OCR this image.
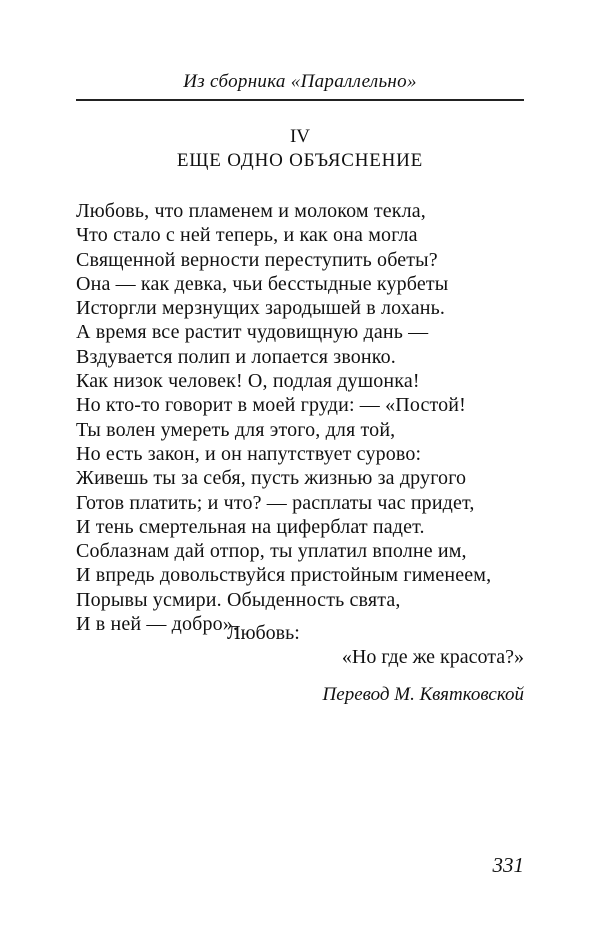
Из сборника «Параллельно»
IV
ЕЩЕ ОДНО ОБЪЯСНЕНИЕ
Любовь, что пламенем и молоком текла,
Что стало с ней теперь, и как она могла
Священной верности переступить обеты?
Она — как девка, чьи бесстыдные курбеты
Исторгли мерзнущих зародышей в лохань.
А время все растит чудовищную дань —
Вздувается полип и лопается звонко.
Как низок человек! О, подлая душонка!
Но кто-то говорит в моей груди: — «Постой!
Ты волен умереть для этого, для той,
Но есть закон, и он напутствует сурово:
Живешь ты за себя, пусть жизнью за другого
Готов платить; и что? — расплаты час придет,
И тень смертельная на циферблат падет.
Соблазнам дай отпор, ты уплатил вполне им,
И впредь довольствуйся пристойным гименеем,
Порывы усмири. Обыденность свята,
И в ней — добро».
Любовь:
«Но где же красота?»
Перевод М. Квятковской
331
